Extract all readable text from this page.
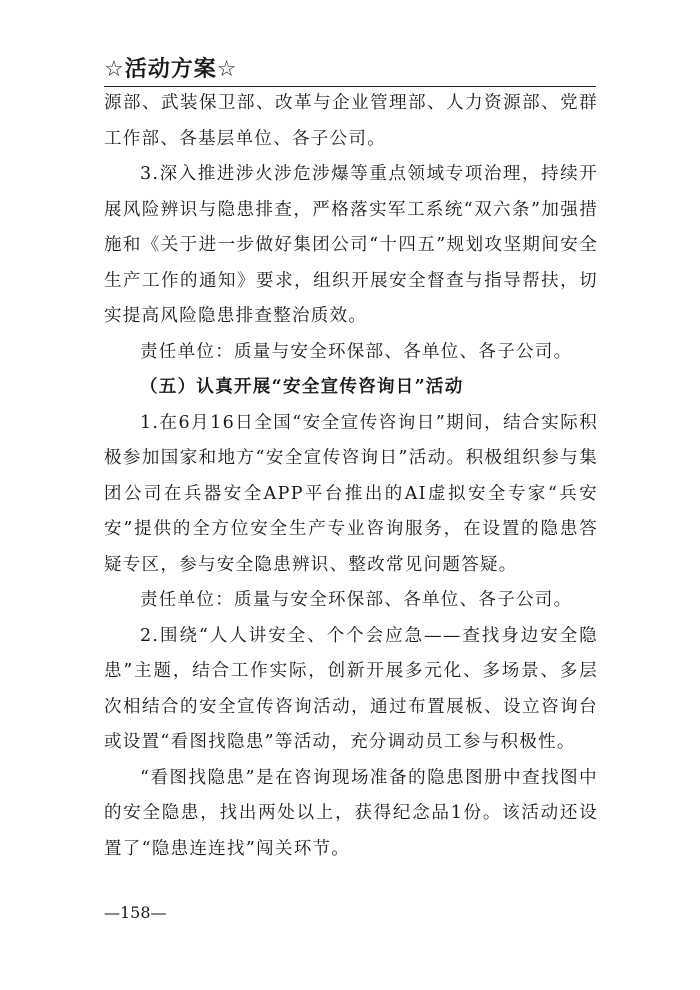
☆活动方案☆

源部、武装保卫部、改革与企业管理部、人力资源部、党群工作部、各基层单位、各子公司。

3.深入推进涉火涉危涉爆等重点领域专项治理，持续开展风险辨识与隐患排查，严格落实军工系统“双六条”加强措施和《关于进一步做好集团公司“十四五”规划攻坚期间安全生产工作的通知》要求，组织开展安全督查与指导帮扶，切实提高风险隐患排查整治质效。

责任单位：质量与安全环保部、各单位、各子公司。

（五）认真开展“安全宣传咨询日”活动

1.在6月16日全国“安全宣传咨询日”期间，结合实际积极参加国家和地方“安全宣传咨询日”活动。积极组织参与集团公司在兵器安全APP平台推出的AI虚拟安全专家“兵安安”提供的全方位安全生产专业咨询服务，在设置的隐患答疑专区，参与安全隐患辨识、整改常见问题答疑。

责任单位：质量与安全环保部、各单位、各子公司。

2.围绕“人人讲安全、个个会应急——查找身边安全隐患”主题，结合工作实际，创新开展多元化、多场景、多层次相结合的安全宣传咨询活动，通过布置展板、设立咨询台或设置“看图找隐患”等活动，充分调动员工参与积极性。

“看图找隐患”是在咨询现场准备的隐患图册中查找图中的安全隐患，找出两处以上，获得纪念品1份。该活动还设置了“隐患连连找”闯关环节。

—158—
